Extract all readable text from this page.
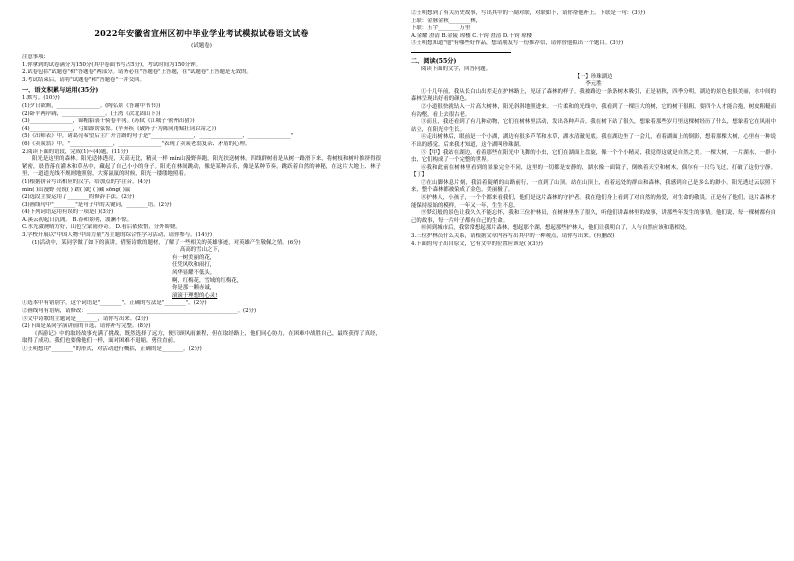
2022年安徽省宣州区初中毕业学业考试模拟试卷语文试卷
(试题卷)
注意事项:
1.你拿到的试卷满分为150分(其中卷面书写占5分)，考试时间为150分钟。
2.试卷包括"试题卷"和"答题卷"两部分。请务必在"答题卷"上答题，在"试题卷"上答题是无效的。
3.考试结束后，请将"试题卷"和"答题卷"一并交回。
一、语文积累与运用(35分)
1.默写。(10分)
(1)夕日欲颓，________________。(陶弘景《答谢中书书》)
(2)卧平两岸阔，________________。(王湾《次北固山下》)
(3)________________，锦帽貂裘千骑卷平冈。(苏轼《江城子·密州出猎》)
(4)________________，弓如霹雳弦惊。(辛弃疾《破阵子·为陈同甫赋壮词以寄之》)
(5)《出师表》中，诸葛亮希望后主广开言路的句子是"________________，________________，________________"
(6)《卖炭翁》中，"________________，________________"表现了卖炭老翁复杂、矛盾的心理。
2.阅读下面的语段，完成(1)~(4)题。(11分)
阳光是这里的森林。阳光适体透亮，天高无比，精灵一样 mǐn山漫野奔跑，阳光扶送树林，四线群树看是从树一路滑下来，将树枝和树叶推挤得很紧密，晨昏落在灌木和草丛中，藏起了自己小小的身子。阳光在林间跳动，像是某种音乐，像是某种节奏，跳跃着自然的神秘，在这片大地上、林子里，一道道光线不规则地照射，大雾氤氲的时候，阳光一缕缕地照着。
(1)根据拼音写出相应的汉字，给加点的字注音。(4分)
mǐn( )山漫野 亮锐( ) 蹉( )跎 ( )藏 sōng( )鼠
(2)选段主要运用了________的修辞手法。(2分)
(3)画线句中"________"是句子中的关键词，________语。(2分)
(4)下列词语运用有误的一项是( )(3分)
A.溪云初起日沉阁。 B.春和景明，波澜不惊。
C.水光潋滟晴方好，山色空蒙雨亦奇。 D.看后依依惜，分外娇娆。
3.学校开展以"中国人物·中国力量"为主题的综合性学习活动，请你参与。(14分)
(1)活动中，某同学做了如下的演讲，借鉴诗歌的题材，了解了一些相关的英雄事迹，对英雄产生敬佩之情。(6分)
高高的雪山之下，
有一树美丽的花，
任凭风吹和雨打，
风华显耀不低头。
啊，红梅花，雪域的红梅花，
你是那一颗赤诚，
滚滚于理想的心灵!
①选本中有错别字，这个词语是"________"，正确的写法是"________"。(2分)
②画线句有语病，请修改：________________________________________________________。(2分)
③文中诗歌的主题词是________，请你写出来。(2分)
(2)下面是某同学演讲前的节选，请你补写完整。(8分)
《西游记》中的取经故事充满了挑战，既然选择了远方，便只顾风雨兼程，但在取经路上，他们同心协力，在困难中战胜自己，最终获得了真经，取得了成功。我们也要像他们一样，面对困难不退缩，勇往直前。
①王明想用"________"的形式，对活动进行概括，正确的是________。(2分)
②王明想到了有关历史故事，写出其中的一副对联，对联如下，请你帮他补上。下联是一句：(3分)
上联：金脉金秋________林，
下联：玉宇________万里
A.金耀 澄清 B.金陵 琼楼 C.千钧 澄清 D.千钧 琼楼
③王明想知道"他"有哪些好作品，想请朋友写一份推荐信，请你替他拟出一个题目。(3分)
二、阅读(55分)
阅读下面的文字，回答问题。
【一】珍珠湖边
李元胜
①十几年前，我从长白山出差走在护林路上，见证了森林的样子。我被路边一条条树木吸引，正是初秋，四季分明，湖边的景色也很美丽，水中间的森林呈现出好看的颜色。
②小道很快就钻入一片高大树林，阳光斜斜地照进来。一片柔和的光线中，我看到了一棵巨大的树，它的树干很粗，要四个人才能合抱，树皮粗糙而有沟壑，看上去很古老。
③而且，我还看到了有几种动物，它们在树林里活动，发出各种声音。我在树下站了很久，想象着那些岁月里这棵树经历了什么，想象着它在风雨中站立，在阳光中生长。
④走出树林后，眼前是一个小湖，湖边有很多芦苇和水草，湖水清澈见底。我在湖边坐了一会儿，看着湖面上的倒影，想着那棵大树，心里有一种说不出的感觉。后来我才知道，这个湖叫珍珠湖。
⑤【甲】我站在湖边，看着那些在阳光中飞舞的小虫，它们在湖面上盘旋，像一个个小精灵，我觉得这就是自然之美。一棵大树，一片湖水，一群小虫，它们构成了一个完整的世界。
⑥我和此前在树林里看到的景象完全不同，这里的一切都是安静的，湖水像一面镜子，倒映着天空和树木，偶尔有一只鸟飞过，打破了这份宁静。【丁】
⑦在山脚休息片刻，我沿着陡峭的山路前行，一直到了山顶。站在山顶上，看着远处的群山和森林，我感到自己是多么的渺小。阳光透过云层照下来，整个森林都被染成了金色，美丽极了。
⑧护林人，小孩子，一个个都来看我们，他们是这片森林的守护者。我在他们身上看到了对自然的热爱，对生命的敬畏。正是有了他们，这片森林才能保持原始的模样，一年又一年，生生不息。
⑨梦幻般的景色让我久久不能忘怀，我和三位护林员，在树林里坐了很久，听他们讲森林里的故事，讲那些年发生的事情。他们说，每一棵树都有自己的故事，每一片叶子都有自己的生命。
⑩回到城市后，我常常想起那片森林，想起那个湖，想起那些护林人，他们让我明白了，人与自然应该和谐相处。
3.三位护林员什么关系，请根据文章内容写出其中的一种观点，请你写出来。(有删改)
4.下面的句子出自原文，它有文中的位置应该是( )(3分)
